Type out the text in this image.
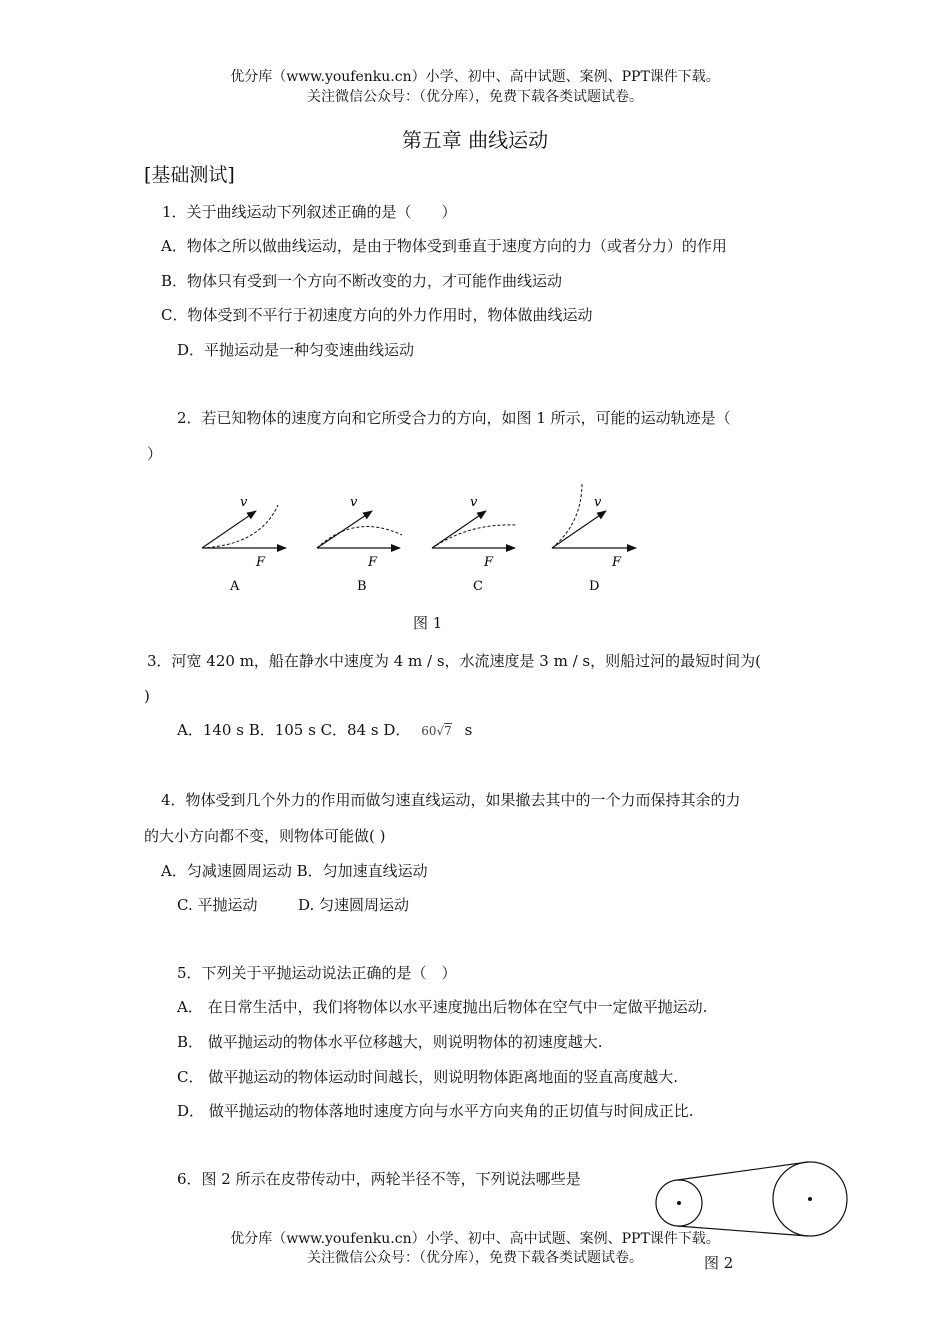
优分库（www.youfenku.cn）小学、初中、高中试题、案例、PPT课件下载。
关注微信公众号：（优分库），免费下载各类试题试卷。
第五章 曲线运动
[基础测试]
1．关于曲线运动下列叙述正确的是（　　）
A．物体之所以做曲线运动，是由于物体受到垂直于速度方向的力（或者分力）的作用
B．物体只有受到一个方向不断改变的力，才可能作曲线运动
C．物体受到不平行于初速度方向的外力作用时，物体做曲线运动
D．平抛运动是一种匀变速曲线运动
2．若已知物体的速度方向和它所受合力的方向，如图 1 所示，可能的运动轨迹是（
）
v
F
A
v
F
B
v
F
C
v
F
D
图 1
3．河宽 420 m，船在静水中速度为 4 m / s，水流速度是 3 m / s，则船过河的最短时间为(
)
A．140 s B．105 s C．84 s D． 60√7 s
4．物体受到几个外力的作用而做匀速直线运动，如果撤去其中的一个力而保持其余的力
的大小方向都不变，则物体可能做( )
A．匀减速圆周运动 B．匀加速直线运动
C. 平抛运动	D. 匀速圆周运动
5．下列关于平抛运动说法正确的是（　）
A． 在日常生活中，我们将物体以水平速度抛出后物体在空气中一定做平抛运动.
B． 做平抛运动的物体水平位移越大，则说明物体的初速度越大.
C． 做平抛运动的物体运动时间越长，则说明物体距离地面的竖直高度越大.
D． 做平抛运动的物体落地时速度方向与水平方向夹角的正切值与时间成正比.
6．图 2 所示在皮带传动中，两轮半径不等，下列说法哪些是
优分库（www.youfenku.cn）小学、初中、高中试题、案例、PPT课件下载。
关注微信公众号：（优分库），免费下载各类试题试卷。	图 2
